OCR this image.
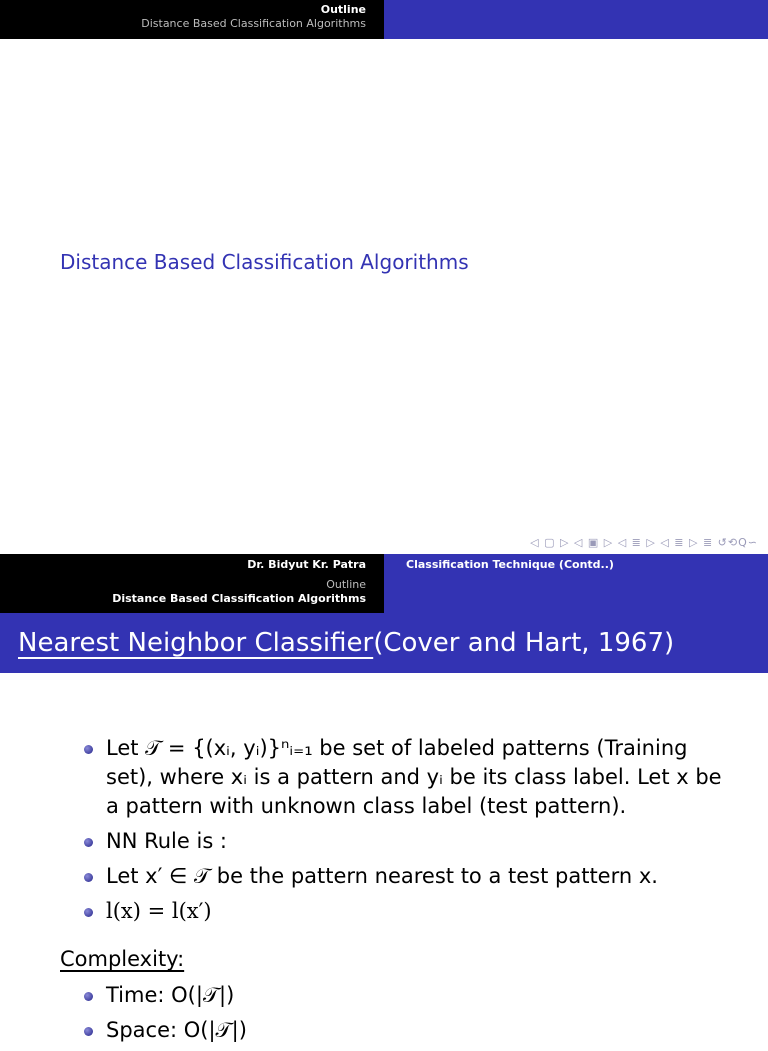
Outline
Distance Based Classification Algorithms
Distance Based Classification Algorithms
◁ ▢ ▷ ◁ ▣ ▷ ◁ ≣ ▷ ◁ ≣ ▷ ≣ ↺⟲Q∽
Dr. Bidyut Kr. Patra	Classification Technique (Contd..)
Outline
Distance Based Classification Algorithms
Nearest Neighbor Classifier(Cover and Hart, 1967)
Let 𝒯 = {(xᵢ, yᵢ)}ⁿᵢ₌₁ be set of labeled patterns (Training set), where xᵢ is a pattern and yᵢ be its class label. Let x be a pattern with unknown class label (test pattern).
NN Rule is :
Let x′ ∈ 𝒯 be the pattern nearest to a test pattern x.
l(x) = l(x′)
Complexity:
Time: O(|𝒯|)
Space: O(|𝒯|)
